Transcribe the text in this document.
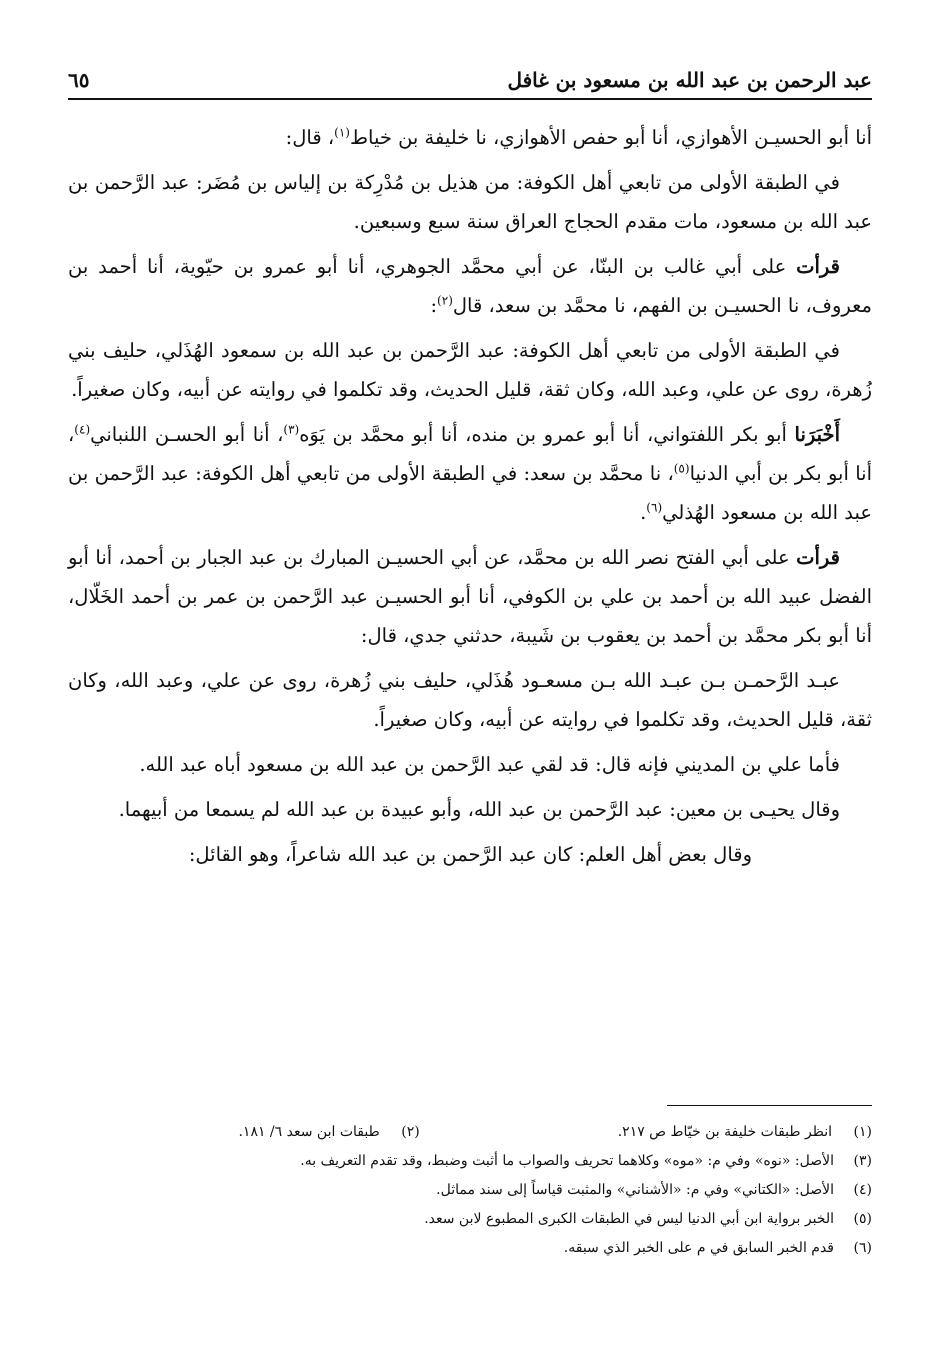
عبد الرحمن بن عبد الله بن مسعود بن غافل
٦٥

أنا أبو الحسيـن الأهوازي، أنا أبو حفص الأهوازي، نا خليفة بن خياط$^{(١)}$، قال:

في الطبقة الأولى من تابعي أهل الكوفة: من هذيل بن مُدْرِكة بن إلياس بن مُضَر: عبد الرَّحمن بن عبد الله بن مسعود، مات مقدم الحجاج العراق سنة سبع وسبعين.

قرأت على أبي غالب بن البنّا، عن أبي محمَّد الجوهري، أنا أبو عمرو بن حيّوية، أنا أحمد بن معروف، نا الحسيـن بن الفهم، نا محمَّد بن سعد، قال$^{(٢)}$:

في الطبقة الأولى من تابعي أهل الكوفة: عبد الرَّحمن بن عبد الله بن سمعود الهُذَلي، حليف بني زُهرة، روى عن علي، وعبد الله، وكان ثقة، قليل الحديث، وقد تكلموا في روايته عن أبيه، وكان صغيراً.

أَخْبَرَنا أبو بكر اللفتواني، أنا أبو عمرو بن منده، أنا أبو محمَّد بن يَوَه$^{(٣)}$، أنا أبو الحسـن اللنباني$^{(٤)}$، أنا أبو بكر بن أبي الدنيا$^{(٥)}$، نا محمَّد بن سعد: في الطبقة الأولى من تابعي أهل الكوفة: عبد الرَّحمن بن عبد الله بن مسعود الهُذلي$^{(٦)}$.

قرأت على أبي الفتح نصر الله بن محمَّد، عن أبي الحسيـن المبارك بن عبد الجبار بن أحمد، أنا أبو الفضل عبيد الله بن أحمد بن علي بن الكوفي، أنا أبو الحسيـن عبد الرَّحمن بن عمر بن أحمد الخَلّال، أنا أبو بكر محمَّد بن أحمد بن يعقوب بن شَيبة، حدثني جدي، قال:

عبـد الرَّحمـن بـن عبـد الله بـن مسعـود هُذَلي، حليف بني زُهرة، روى عن علي، وعبد الله، وكان ثقة، قليل الحديث، وقد تكلموا في روايته عن أبيه، وكان صغيراً.

فأما علي بن المديني فإنه قال: قد لقي عبد الرَّحمن بن عبد الله بن مسعود أباه عبد الله.

وقال يحيـى بن معين: عبد الرَّحمن بن عبد الله، وأبو عبيدة بن عبد الله لم يسمعا من أبيهما.

وقال بعض أهل العلم: كان عبد الرَّحمن بن عبد الله شاعراً، وهو القائل:

(١)
انظر طبقات خليفة بن خيّاط ص ٢١٧.
(٢)
طبقات ابن سعد ٦/ ١٨١.
(٣)
الأصل: «نوه» وفي م: «موه» وكلاهما تحريف والصواب ما أثبت وضبط، وقد تقدم التعريف به.
(٤)
الأصل: «الكتاني» وفي م: «الأشناني» والمثبت قياساً إلى سند مماثل.
(٥)
الخبر برواية ابن أبي الدنيا ليس في الطبقات الكبرى المطبوع لابن سعد.
(٦)
قدم الخبر السابق في م على الخبر الذي سبقه.
